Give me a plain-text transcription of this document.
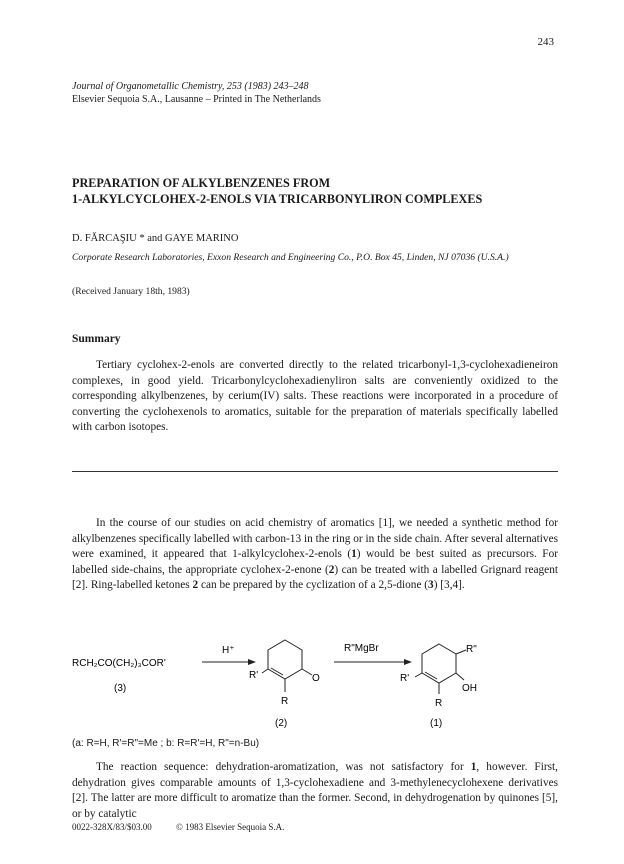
243
Journal of Organometallic Chemistry, 253 (1983) 243–248
Elsevier Sequoia S.A., Lausanne – Printed in The Netherlands
PREPARATION OF ALKYLBENZENES FROM
1-ALKYLCYCLOHEX-2-ENOLS VIA TRICARBONYLIRON COMPLEXES
D. FĂRCAŞIU * and GAYE MARINO
Corporate Research Laboratories, Exxon Research and Engineering Co., P.O. Box 45, Linden, NJ 07036 (U.S.A.)
(Received January 18th, 1983)
Summary
Tertiary cyclohex-2-enols are converted directly to the related tricarbonyl-1,3-cyclohexadieneiron complexes, in good yield. Tricarbonylcyclohexadienyliron salts are conveniently oxidized to the corresponding alkylbenzenes, by cerium(IV) salts. These reactions were incorporated in a procedure of converting the cyclohexenols to aromatics, suitable for the preparation of materials specifically labelled with carbon isotopes.
In the course of our studies on acid chemistry of aromatics [1], we needed a synthetic method for alkylbenzenes specifically labelled with carbon-13 in the ring or in the side chain. After several alternatives were examined, it appeared that 1-alkylcyclohex-2-enols (1) would be best suited as precursors. For labelled side-chains, the appropriate cyclohex-2-enone (2) can be treated with a labelled Grignard reagent [2]. Ring-labelled ketones 2 can be prepared by the cyclization of a 2,5-dione (3) [3,4].
RCH₂CO(CH₂)₃COR'
(3)
H⁺
R'	O
R
(2)
R"MgBr
R'
R"
OH
R
(1)
(a: R=H, R'=R"=Me ; b: R=R'=H, R"=n-Bu)
The reaction sequence: dehydration-aromatization, was not satisfactory for 1, however. First, dehydration gives comparable amounts of 1,3-cyclohexadiene and 3-methylenecyclohexene derivatives [2]. The latter are more difficult to aromatize than the former. Second, in dehydrogenation by quinones [5], or by catalytic
0022-328X/83/$03.00	© 1983 Elsevier Sequoia S.A.
